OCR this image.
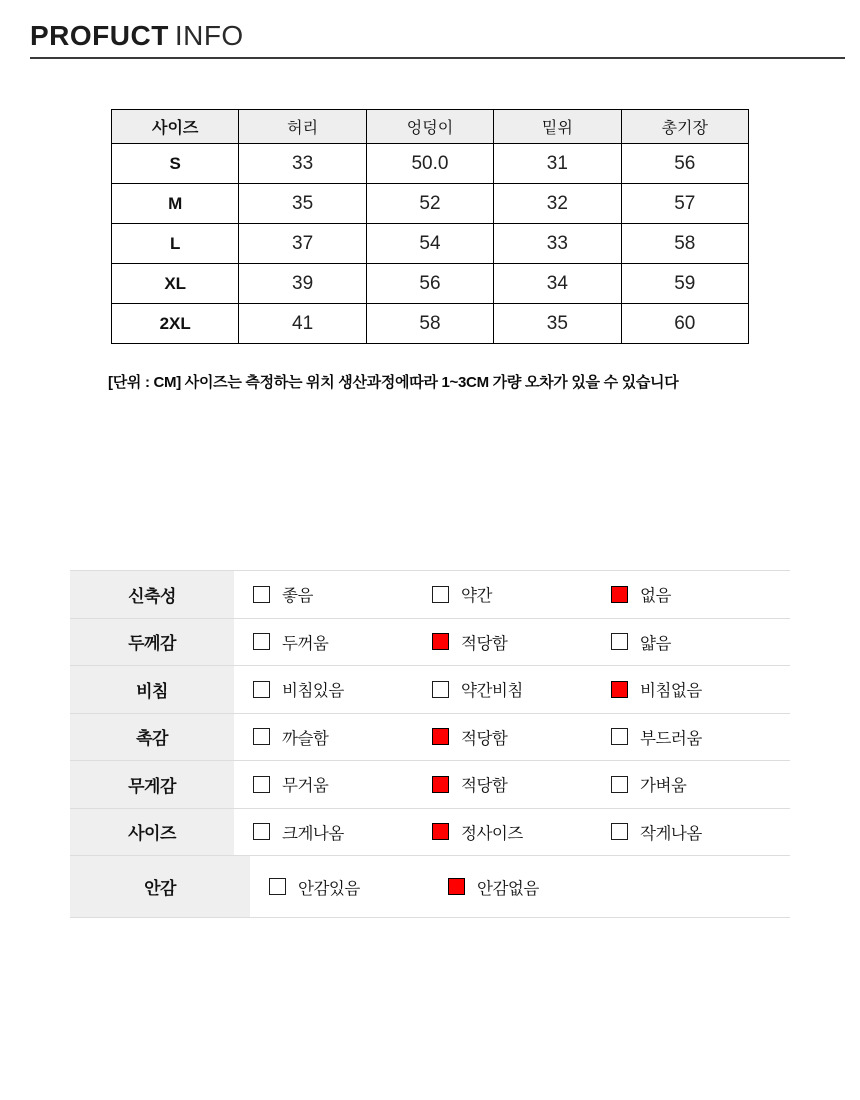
PROFUCT INFO
사이즈	허리	엉덩이	밑위	총기장
S	33	50.0	31	56
M	35	52	32	57
L	37	54	33	58
XL	39	56	34	59
2XL	41	58	35	60
[단위 : CM] 사이즈는 측정하는 위치 생산과정에따라 1~3CM 가량 오차가 있을 수 있습니다
신축성	좋음	약간	없음
두께감	두꺼움	적당함	얇음
비침	비침있음	약간비침	비침없음
촉감	까슬함	적당함	부드러움
무게감	무거움	적당함	가벼움
사이즈	크게나옴	정사이즈	작게나옴
안감	안감있음	안감없음
